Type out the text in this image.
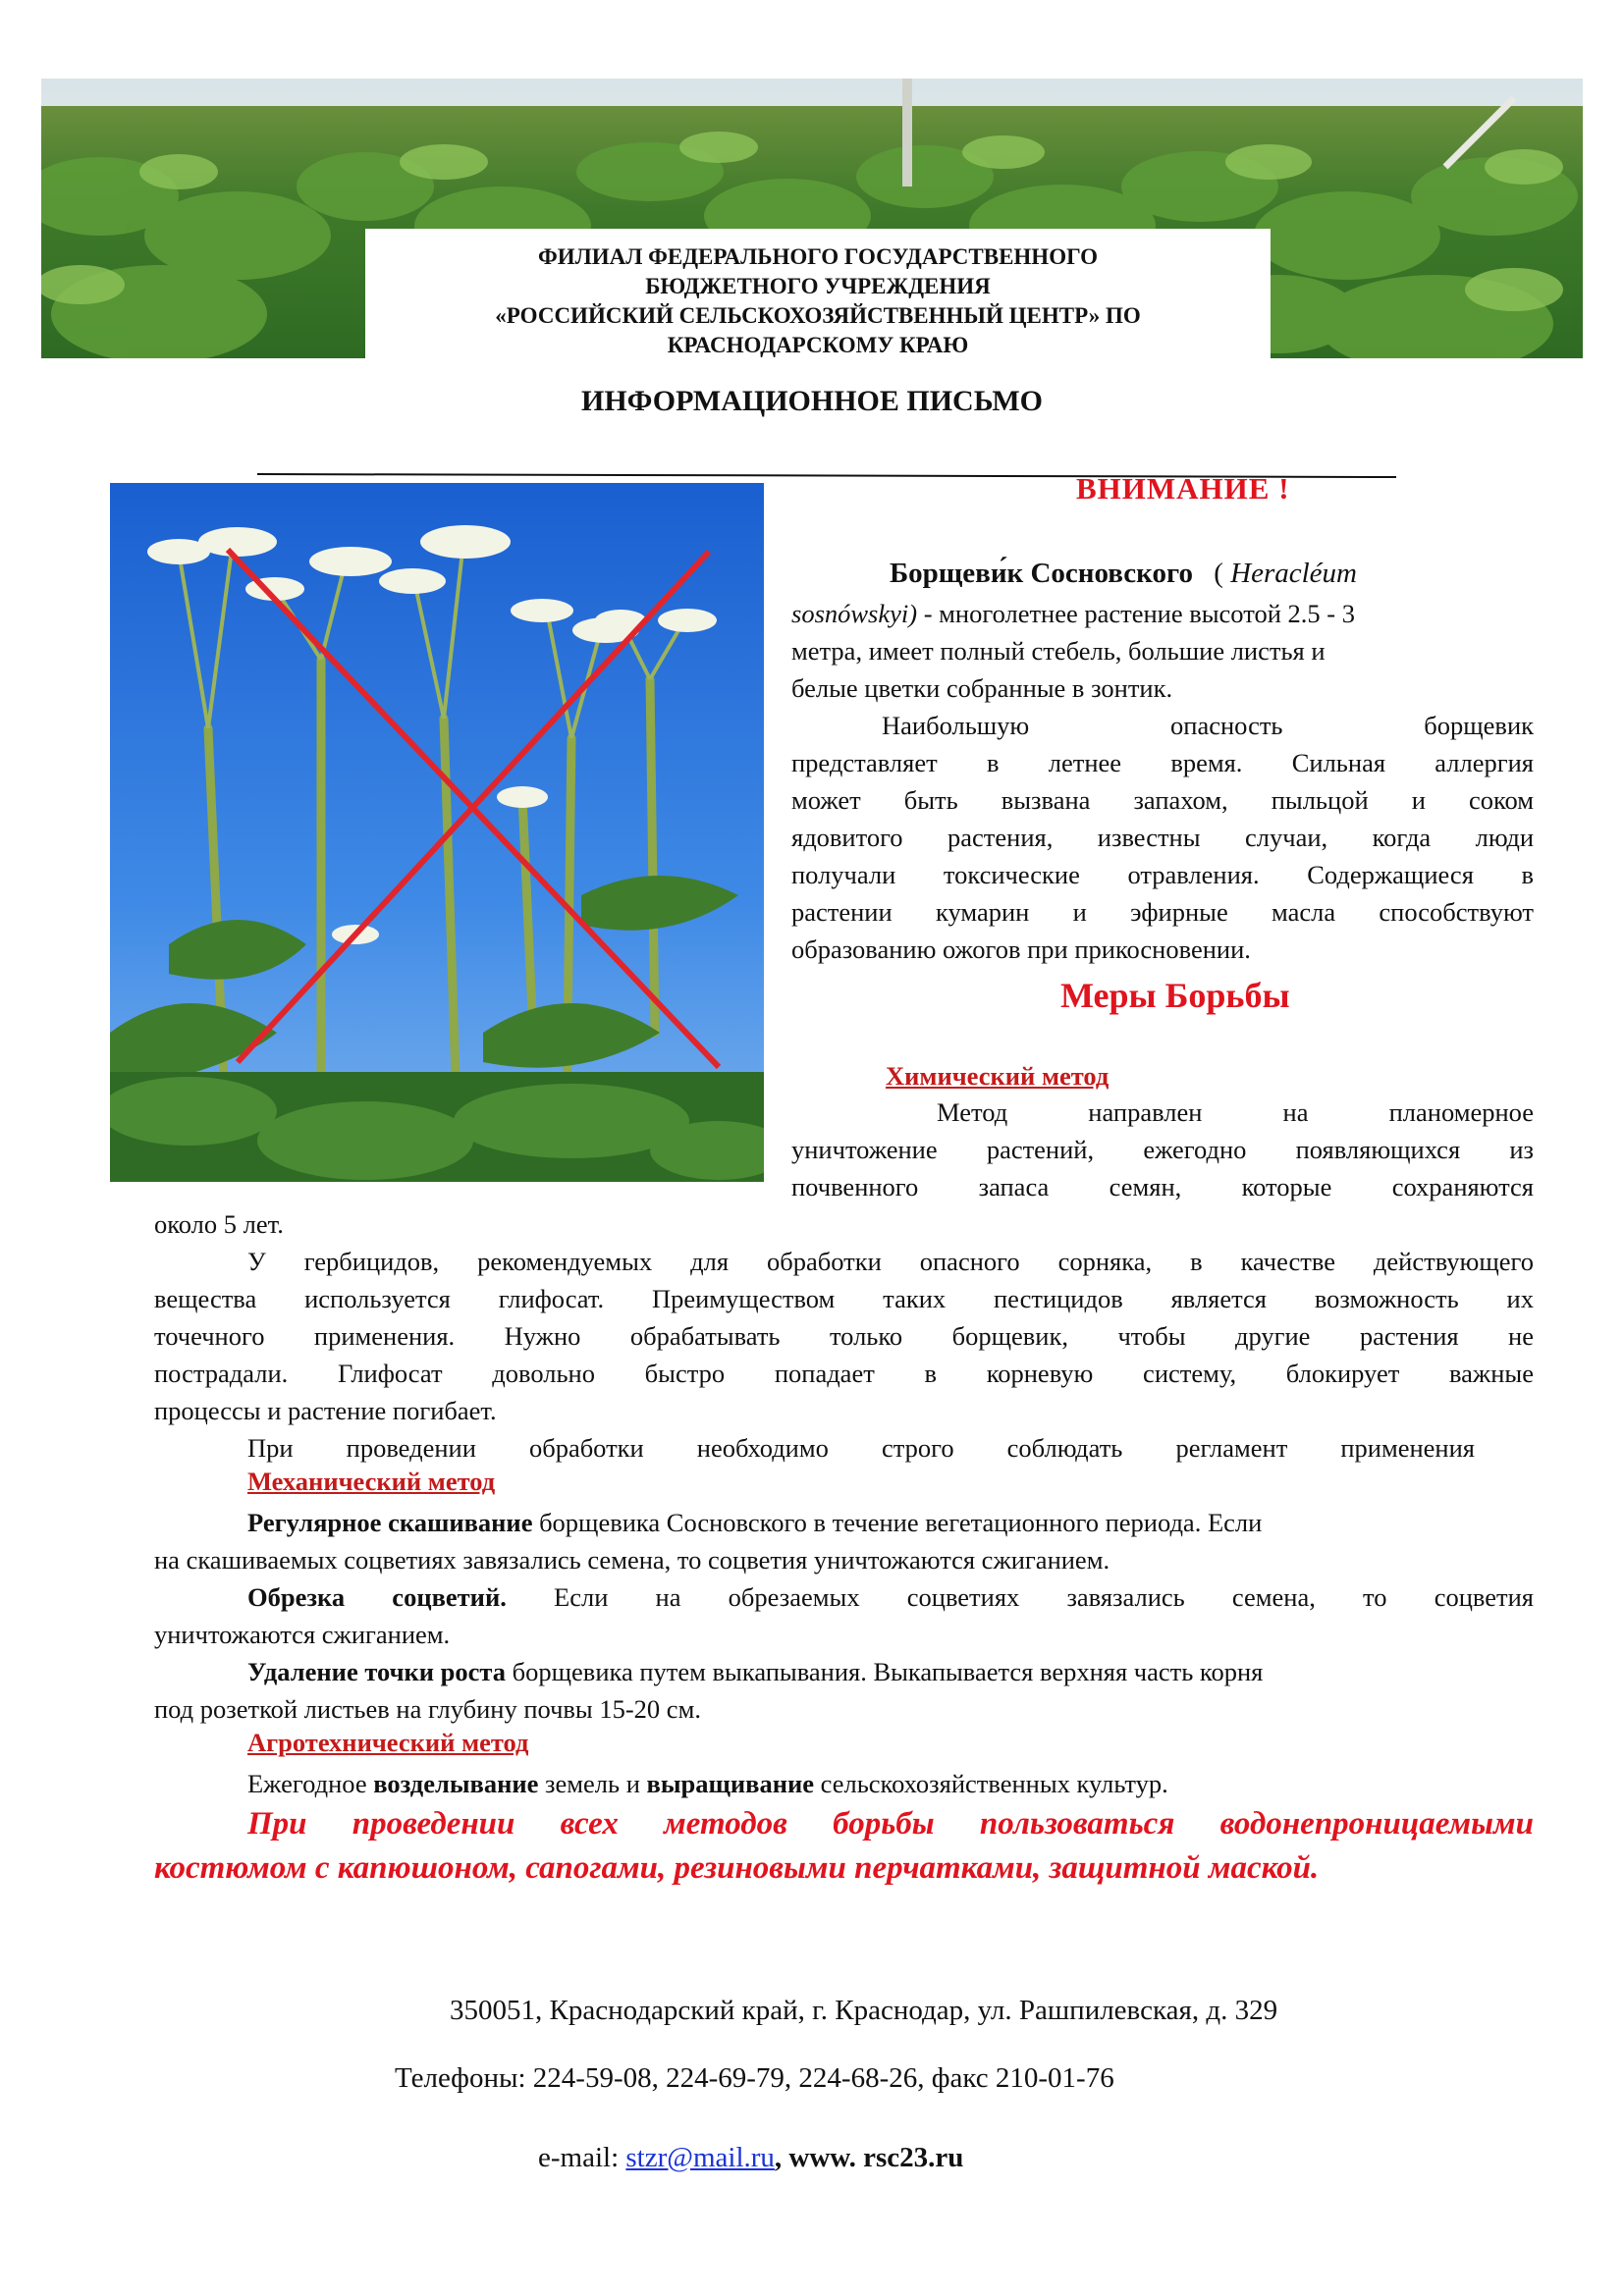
ФИЛИАЛ ФЕДЕРАЛЬНОГО ГОСУДАРСТВЕННОГО
БЮДЖЕТНОГО УЧРЕЖДЕНИЯ
«РОССИЙСКИЙ СЕЛЬСКОХОЗЯЙСТВЕННЫЙ ЦЕНТР» ПО
КРАСНОДАРСКОМУ КРАЮ
ИНФОРМАЦИОННОЕ ПИСЬМО
ВНИМАНИЕ !
Борщеви́к Сосновского ( Heracléum
sosnówskyi) - многолетнее растение высотой 2.5 - 3
метра, имеет полный стебель, большие листья и
белые цветки собранные в зонтик.
Наибольшую опасность борщевик
представляет в летнее время. Сильная аллергия
может быть вызвана запахом, пыльцой и соком
ядовитого растения, известны случаи, когда люди
получали токсические отравления. Содержащиеся в
растении кумарин и эфирные масла способствуют
образованию ожогов при прикосновении.
Меры Борьбы
Химический метод
Метод направлен на планомерное
уничтожение растений, ежегодно появляющихся из
почвенного запаса семян, которые сохраняются
около 5 лет.
У гербицидов, рекомендуемых для обработки опасного сорняка, в качестве действующего
вещества используется глифосат. Преимуществом таких пестицидов является возможность их
точечного применения. Нужно обрабатывать только борщевик, чтобы другие растения не
пострадали. Глифосат довольно быстро попадает в корневую систему, блокирует важные
процессы и растение погибает.
При проведении обработки необходимо строго соблюдать регламент применения
Механический метод
Регулярное скашивание борщевика Сосновского в течение вегетационного периода. Если
на скашиваемых соцветиях завязались семена, то соцветия уничтожаются сжиганием.
Обрезка соцветий. Если на обрезаемых соцветиях завязались семена, то соцветия
уничтожаются сжиганием.
Удаление точки роста борщевика путем выкапывания. Выкапывается верхняя часть корня
под розеткой листьев на глубину почвы 15-20 см.
Агротехнический метод
Ежегодное возделывание земель и выращивание сельскохозяйственных культур.
При проведении всех методов борьбы пользоваться водонепроницаемыми
костюмом с капюшоном, сапогами, резиновыми перчатками, защитной маской.
350051, Краснодарский край, г. Краснодар, ул. Рашпилевская, д. 329
Телефоны: 224-59-08, 224-69-79, 224-68-26, факс 210-01-76
e-mail: stzr@mail.ru, www. rsc23.ru
